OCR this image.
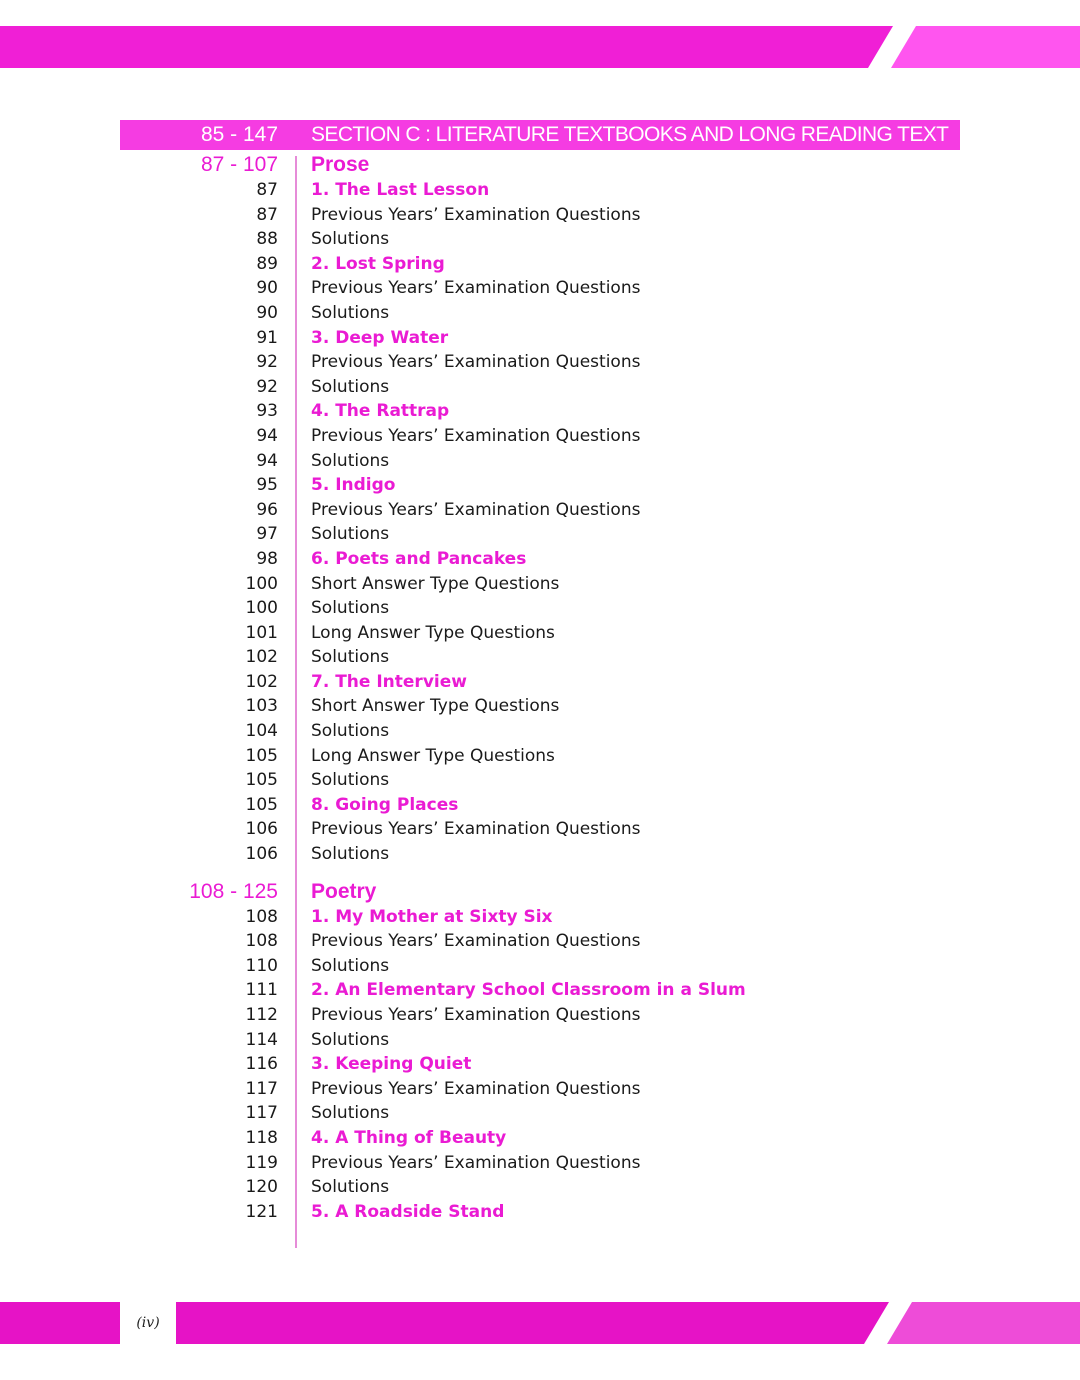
85 - 147 SECTION C : LITERATURE TEXTBOOKS AND LONG READING TEXT
87 - 107 Prose
87 1. The Last Lesson
87 Previous Years’ Examination Questions
88 Solutions
89 2. Lost Spring
90 Previous Years’ Examination Questions
90 Solutions
91 3. Deep Water
92 Previous Years’ Examination Questions
92 Solutions
93 4. The Rattrap
94 Previous Years’ Examination Questions
94 Solutions
95 5. Indigo
96 Previous Years’ Examination Questions
97 Solutions
98 6. Poets and Pancakes
100 Short Answer Type Questions
100 Solutions
101 Long Answer Type Questions
102 Solutions
102 7. The Interview
103 Short Answer Type Questions
104 Solutions
105 Long Answer Type Questions
105 Solutions
105 8. Going Places
106 Previous Years’ Examination Questions
106 Solutions
108 - 125 Poetry
108 1. My Mother at Sixty Six
108 Previous Years’ Examination Questions
110 Solutions
111 2. An Elementary School Classroom in a Slum
112 Previous Years’ Examination Questions
114 Solutions
116 3. Keeping Quiet
117 Previous Years’ Examination Questions
117 Solutions
118 4. A Thing of Beauty
119 Previous Years’ Examination Questions
120 Solutions
121 5. A Roadside Stand
(iv)
